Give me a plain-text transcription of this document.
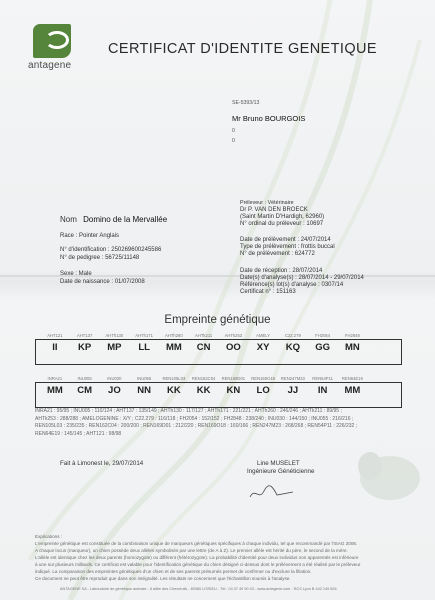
antagene
CERTIFICAT D'IDENTITE GENETIQUE
SE-5393/13
Mr Bruno BOURGOIS
0
0
Préleveur : Vétérinaire
Dr P. VAN DEN BROECK
(Saint Martin D'Hardigh, 62960)
N° ordinal du préleveur : 10697
Date de prélèvement : 24/07/2014
Type de prélèvement : frottis buccal
N° de prélèvement : 624772
Date de réception : 28/07/2014
Date(s) d'analyse(s) : 28/07/2014 - 29/07/2014
Référence(s) lot(s) d'analyse : 0307/14
Certificat n° : 151163
Nom Domino de la Mervallée
Race : Pointer Anglais
N° d'identification : 250269600245586
N° de pedigree : 56725/11148
Sexe : Male
Date de naissance : 01/07/2008
Empreinte génétique
AHT121
II
AHT137
KP
AHTh130
MP
AHTh171
LL
AHTh260
MM
AHTk211
CN
AHTk253
OO
AMELY
XY
C22.279
KQ
FH2054
GG
FH2848
MN
INRA21
MM
INU005
CM
INU030
JO
INU055
NN
REN105L03
KK
REN162C04
KK
REN169D01
KN
REN169O18
LO
REN247M23
JJ
REN54P11
IN
REN64E19
MM
INRA21 : 95/95 ; INU005 : 110/124 ; AHT137 : 135/149 ; AHTh130 : 117/127 ; AHTh171 : 221/221 ; AHTh260 : 246/246 ; AHTk211 : 89/95 ;
AHTk253 : 288/288 ; AMELOGENINE : X/Y ; C22.279 : 116/118 ; FH2054 : 152/152 ; FH2848 : 238/240 ; INU030 : 144/150 ; INU055 : 216/216 ;
REN105L03 : 235/235 ; REN162C04 : 200/200 ; REN169D01 : 212/220 ; REN169O18 : 160/166 ; REN247M23 : 268/268 ; REN54P11 : 226/232 ;
REN64E19 : 145/145 ; AHT121 : 98/98
Fait à Limonest le, 29/07/2014	Line MUSELET
Ingénieure Généticienne
Explications :
L'empreinte génétique est constituée de la combinaison unique de marqueurs génétiques spécifiques à chaque individu, tel que recommandé par l'ISAG 2006.
A chaque locus (marqueur), un chien possède deux allèles symbolisés par une lettre (de A à Z). Le premier allèle est hérité du père, le second de la mère.
L'allèle est identique chez les deux parents (homozygote) ou différent (hétérozygote). La probabilité d'identité pour deux individus non apparentés est inférieure
à une sur plusieurs milliards. Ce certificat est valable pour l'identification génétique du chien désigné ci-dessus dont le prélèvement a été réalisé par le préleveur
indiqué. La comparaison des empreintes génétiques d'un chien et de ses parents présumés permet de confirmer ou d'exclure la filiation.
Ce document ne peut être reproduit que dans son intégralité. Les résultats ne concernent que l'échantillon soumis à l'analyse.
ANTAGENE SA - Laboratoire de génétique animale - 6 allée des Chevreuils - 69380 LISSIEU - Tél : 04 37 49 90 03 - www.antagene.com - RCS Lyon B 442 149 826
